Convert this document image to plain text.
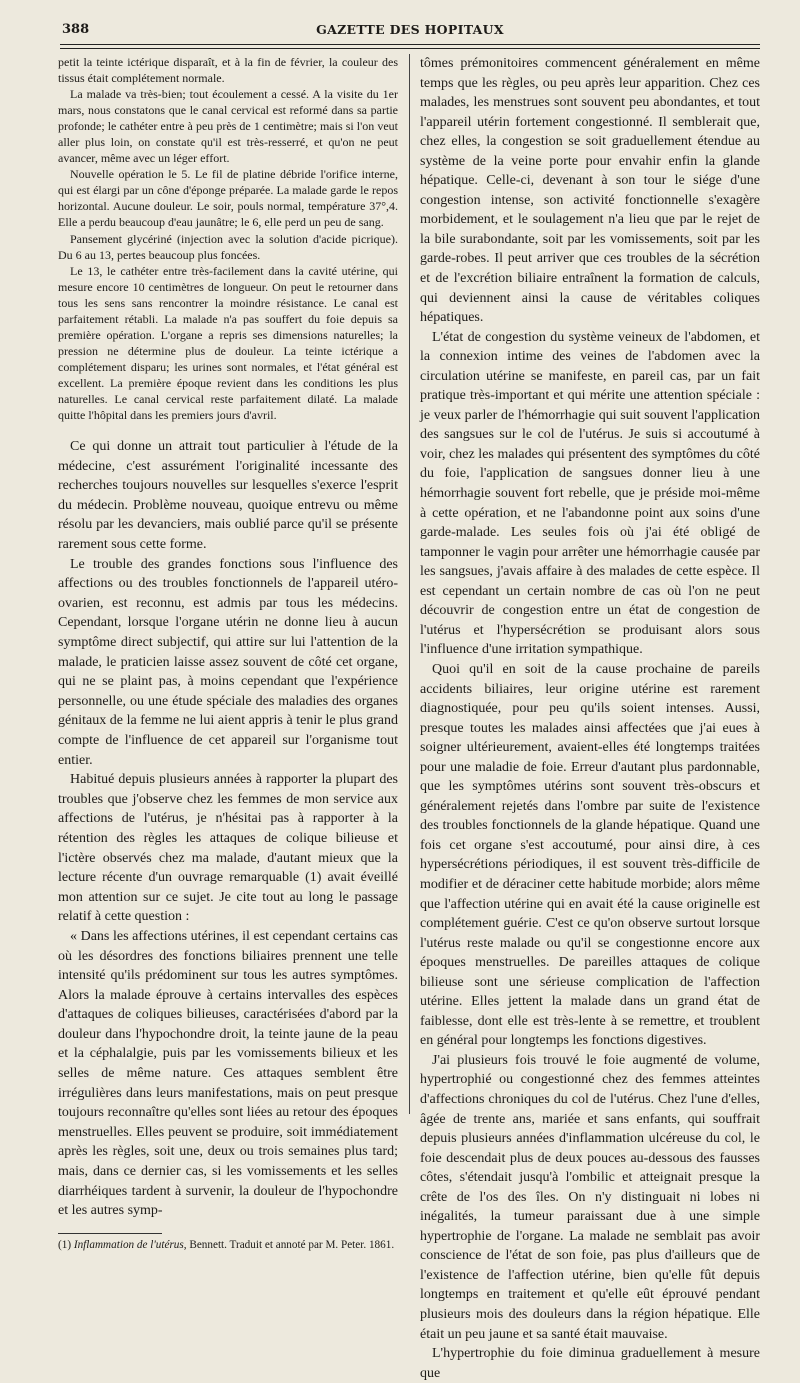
388	GAZETTE DES HOPITAUX

petit la teinte ictérique disparaît, et à la fin de février, la couleur des tissus était complétement normale.

La malade va très-bien; tout écoulement a cessé. A la visite du 1er mars, nous constatons que le canal cervical est reformé dans sa partie profonde; le cathéter entre à peu près de 1 centimètre; mais si l'on veut aller plus loin, on constate qu'il est très-resserré, et qu'on ne peut avancer, même avec un léger effort.

Nouvelle opération le 5. Le fil de platine débride l'orifice interne, qui est élargi par un cône d'éponge préparée. La malade garde le repos horizontal. Aucune douleur. Le soir, pouls normal, température 37°,4. Elle a perdu beaucoup d'eau jaunâtre; le 6, elle perd un peu de sang.

Pansement glycériné (injection avec la solution d'acide picrique). Du 6 au 13, pertes beaucoup plus foncées.

Le 13, le cathéter entre très-facilement dans la cavité utérine, qui mesure encore 10 centimètres de longueur. On peut le retourner dans tous les sens sans rencontrer la moindre résistance. Le canal est parfaitement rétabli. La malade n'a pas souffert du foie depuis sa première opération. L'organe a repris ses dimensions naturelles; la pression ne détermine plus de douleur. La teinte ictérique a complétement disparu; les urines sont normales, et l'état général est excellent. La première époque revient dans les conditions les plus naturelles. Le canal cervical reste parfaitement dilaté. La malade quitte l'hôpital dans les premiers jours d'avril.

Ce qui donne un attrait tout particulier à l'étude de la médecine, c'est assurément l'originalité incessante des recherches toujours nouvelles sur lesquelles s'exerce l'esprit du médecin. Problème nouveau, quoique entrevu ou même résolu par les devanciers, mais oublié parce qu'il se présente rarement sous cette forme.

Le trouble des grandes fonctions sous l'influence des affections ou des troubles fonctionnels de l'appareil utéro-ovarien, est reconnu, est admis par tous les médecins. Cependant, lorsque l'organe utérin ne donne lieu à aucun symptôme direct subjectif, qui attire sur lui l'attention de la malade, le praticien laisse assez souvent de côté cet organe, qui ne se plaint pas, à moins cependant que l'expérience personnelle, ou une étude spéciale des maladies des organes génitaux de la femme ne lui aient appris à tenir le plus grand compte de l'influence de cet appareil sur l'organisme tout entier.

Habitué depuis plusieurs années à rapporter la plupart des troubles que j'observe chez les femmes de mon service aux affections de l'utérus, je n'hésitai pas à rapporter à la rétention des règles les attaques de colique bilieuse et l'ictère observés chez ma malade, d'autant mieux que la lecture récente d'un ouvrage remarquable (1) avait éveillé mon attention sur ce sujet. Je cite tout au long le passage relatif à cette question :

« Dans les affections utérines, il est cependant certains cas où les désordres des fonctions biliaires prennent une telle intensité qu'ils prédominent sur tous les autres symptômes. Alors la malade éprouve à certains intervalles des espèces d'attaques de coliques bilieuses, caractérisées d'abord par la douleur dans l'hypochondre droit, la teinte jaune de la peau et la céphalalgie, puis par les vomissements bilieux et les selles de même nature. Ces attaques semblent être irrégulières dans leurs manifestations, mais on peut presque toujours reconnaître qu'elles sont liées au retour des époques menstruelles. Elles peuvent se produire, soit immédiatement après les règles, soit une, deux ou trois semaines plus tard; mais, dans ce dernier cas, si les vomissements et les selles diarrhéiques tardent à survenir, la douleur de l'hypochondre et les autres symp-

(1) Inflammation de l'utérus, Bennett. Traduit et annoté par M. Peter. 1861.

tômes prémonitoires commencent généralement en même temps que les règles, ou peu après leur apparition. Chez ces malades, les menstrues sont souvent peu abondantes, et tout l'appareil utérin fortement congestionné. Il semblerait que, chez elles, la congestion se soit graduellement étendue au système de la veine porte pour envahir enfin la glande hépatique. Celle-ci, devenant à son tour le siége d'une congestion intense, son activité fonctionnelle s'exagère morbidement, et le soulagement n'a lieu que par le rejet de la bile surabondante, soit par les vomissements, soit par les garde-robes. Il peut arriver que ces troubles de la sécrétion et de l'excrétion biliaire entraînent la formation de calculs, qui deviennent ainsi la cause de véritables coliques hépatiques.

L'état de congestion du système veineux de l'abdomen, et la connexion intime des veines de l'abdomen avec la circulation utérine se manifeste, en pareil cas, par un fait pratique très-important et qui mérite une attention spéciale : je veux parler de l'hémorrhagie qui suit souvent l'application des sangsues sur le col de l'utérus. Je suis si accoutumé à voir, chez les malades qui présentent des symptômes du côté du foie, l'application de sangsues donner lieu à une hémorrhagie souvent fort rebelle, que je préside moi-même à cette opération, et ne l'abandonne point aux soins d'une garde-malade. Les seules fois où j'ai été obligé de tamponner le vagin pour arrêter une hémorrhagie causée par les sangsues, j'avais affaire à des malades de cette espèce. Il est cependant un certain nombre de cas où l'on ne peut découvrir de congestion entre un état de congestion de l'utérus et l'hypersécrétion se produisant alors sous l'influence d'une irritation sympathique.

Quoi qu'il en soit de la cause prochaine de pareils accidents biliaires, leur origine utérine est rarement diagnostiquée, pour peu qu'ils soient intenses. Aussi, presque toutes les malades ainsi affectées que j'ai eues à soigner ultérieurement, avaient-elles été longtemps traitées pour une maladie de foie. Erreur d'autant plus pardonnable, que les symptômes utérins sont souvent très-obscurs et généralement rejetés dans l'ombre par suite de l'existence des troubles fonctionnels de la glande hépatique. Quand une fois cet organe s'est accoutumé, pour ainsi dire, à ces hypersécrétions périodiques, il est souvent très-difficile de modifier et de déraciner cette habitude morbide; alors même que l'affection utérine qui en avait été la cause originelle est complétement guérie. C'est ce qu'on observe surtout lorsque l'utérus reste malade ou qu'il se congestionne encore aux époques menstruelles. De pareilles attaques de colique bilieuse sont une sérieuse complication de l'affection utérine. Elles jettent la malade dans un grand état de faiblesse, dont elle est très-lente à se remettre, et troublent en général pour longtemps les fonctions digestives.

J'ai plusieurs fois trouvé le foie augmenté de volume, hypertrophié ou congestionné chez des femmes atteintes d'affections chroniques du col de l'utérus. Chez l'une d'elles, âgée de trente ans, mariée et sans enfants, qui souffrait depuis plusieurs années d'inflammation ulcéreuse du col, le foie descendait plus de deux pouces au-dessous des fausses côtes, s'étendait jusqu'à l'ombilic et atteignait presque la crête de l'os des îles. On n'y distinguait ni lobes ni inégalités, la tumeur paraissant due à une simple hypertrophie de l'organe. La malade ne semblait pas avoir conscience de l'état de son foie, pas plus d'ailleurs que de l'existence de l'affection utérine, bien qu'elle fût depuis longtemps en traitement et qu'elle eût éprouvé pendant plusieurs mois des douleurs dans la région hépatique. Elle était un peu jaune et sa santé était mauvaise.

L'hypertrophie du foie diminua graduellement à mesure que
